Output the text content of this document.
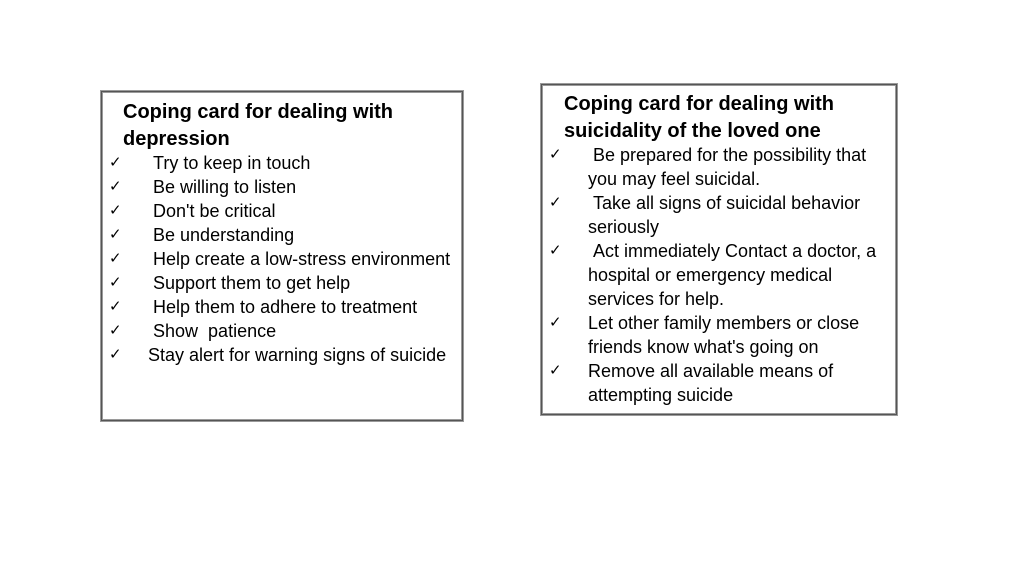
Coping card for dealing with depression
✓ Try to keep in touch
✓ Be willing to listen
✓ Don't be critical
✓ Be understanding
✓ Help create a low-stress environment
✓ Support them to get help
✓ Help them to adhere to treatment
✓ Show  patience
✓ Stay alert for warning signs of suicide
Coping card for dealing with suicidality of the loved one
✓ Be prepared for the possibility that you may feel suicidal.
✓ Take all signs of suicidal behavior seriously
✓ Act immediately Contact a doctor, a hospital or emergency medical services for help.
✓ Let other family members or close friends know what's going on
✓ Remove all available means of attempting suicide
